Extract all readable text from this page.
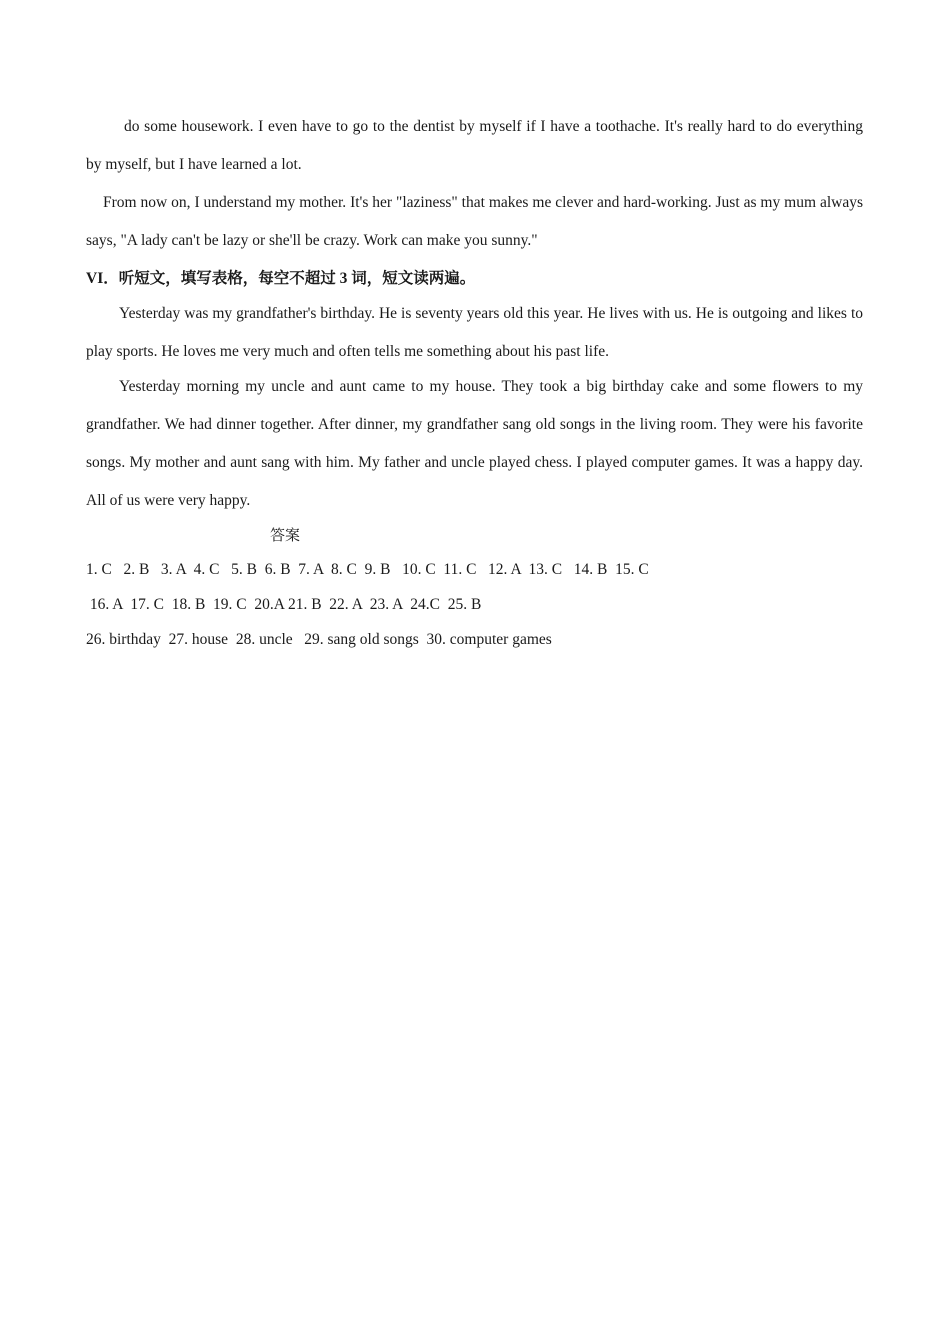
do some housework. I even have to go to the dentist by myself if I have a toothache. It's really hard to do everything by myself, but I have learned a lot.

From now on, I understand my mother. It's her "laziness" that makes me clever and hard-working. Just as my mum always says, "A lady can't be lazy or she'll be crazy. Work can make you sunny."

VI．听短文，填写表格，每空不超过 3 词，短文读两遍。

Yesterday was my grandfather's birthday. He is seventy years old this year. He lives with us. He is outgoing and likes to play sports. He loves me very much and often tells me something about his past life.

Yesterday morning my uncle and aunt came to my house. They took a big birthday cake and some flowers to my grandfather. We had dinner together. After dinner, my grandfather sang old songs in the living room. They were his favorite songs. My mother and aunt sang with him. My father and uncle played chess. I played computer games. It was a happy day. All of us were very happy.

答案

1. C   2. B   3. A  4. C   5. B  6. B  7. A  8. C  9. B   10. C  11. C   12. A  13. C   14. B  15. C

16. A  17. C  18. B  19. C  20.A 21. B  22. A  23. A  24.C  25. B

26. birthday  27. house  28. uncle   29. sang old songs  30. computer games
